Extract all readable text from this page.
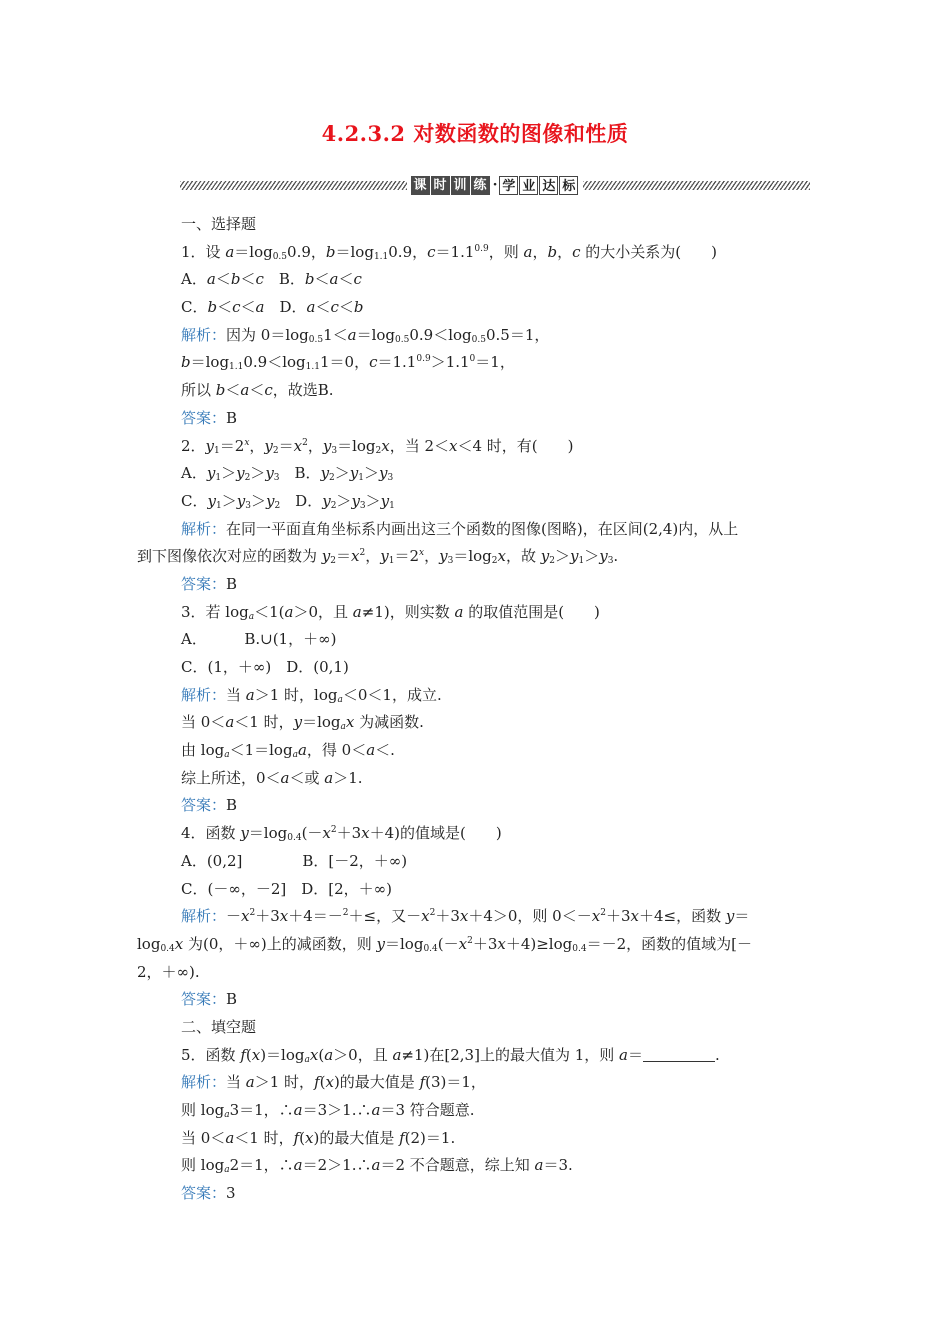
4.2.3.2 对数函数的图像和性质
课 时 训 练 · 学 业 达 标
一、选择题
1．设 $a=\log_{0.5}0.9$，$b=\log_{1.1}0.9$，$c=1.1^{0.9}$，则 a，b，c 的大小关系为(　　)
A．a＜b＜c　B．b＜a＜c
C．b＜c＜a　D．a＜c＜b
解析：因为 $0=\log_{0.5}1<a=\log_{0.5}0.9<\log_{0.5}0.5=1$，
$b=\log_{1.1}0.9<\log_{1.1}1=0$，$c=1.1^{0.9}>1.1^0=1$，
所以 b＜a＜c，故选B.
答案：B
2．$y_1=2^x$，$y_2=x^2$，$y_3=\log_2x$，当 2＜x＜4 时，有(　　)
A．$y_1>y_2>y_3$　B．$y_2>y_1>y_3$
C．$y_1>y_3>y_2$　D．$y_2>y_3>y_1$
解析：在同一平面直角坐标系内画出这三个函数的图像(图略)，在区间(2,4)内，从上
到下图像依次对应的函数为 $y_2=x^2$，$y_1=2^x$，$y_3=\log_2x$，故 $y_2>y_1>y_3$.
答案：B
3．若 $\log_a<1(a>0$，且 a≠1)，则实数 a 的取值范围是(　　)
A．　　　B.∪(1，＋∞)
C．(1，＋∞)　D．(0,1)
解析：当 a＞1 时，$\log_a<0<1$，成立.
当 0＜a＜1 时，$y=\log_ax$ 为减函数.
由 $\log_a<1=\log_aa$，得 0＜a＜.
综上所述，0＜a＜或 a＞1.
答案：B
4．函数 $y=\log_{0.4}(-x^2+3x+4)$的值域是(　　)
A．(0,2]　　　　B．[－2，＋∞)
C．(－∞，－2]　D．[2，＋∞)
解析：$-x^2+3x+4=-^2+\le$，又$-x^2+3x+4>0$，则 $0<-x^2+3x+4\le$，函数 y＝
$\log_{0.4}x$ 为(0，＋∞)上的减函数，则 $y=\log_{0.4}(-x^2+3x+4)\ge\log_{0.4}=-2$，函数的值域为[－
2，＋∞).
答案：B
二、填空题
5．函数 $f(x)=\log_ax(a>0$，且 a≠1)在[2,3]上的最大值为 1，则 a＝	.
解析：当 a＞1 时，f(x)的最大值是 f(3)＝1，
则 $\log_a3=1$，∴a＝3＞1.∴a＝3 符合题意.
当 0＜a＜1 时，f(x)的最大值是 f(2)＝1.
则 $\log_a2=1$，∴a＝2＞1.∴a＝2 不合题意，综上知 a＝3.
答案：3
